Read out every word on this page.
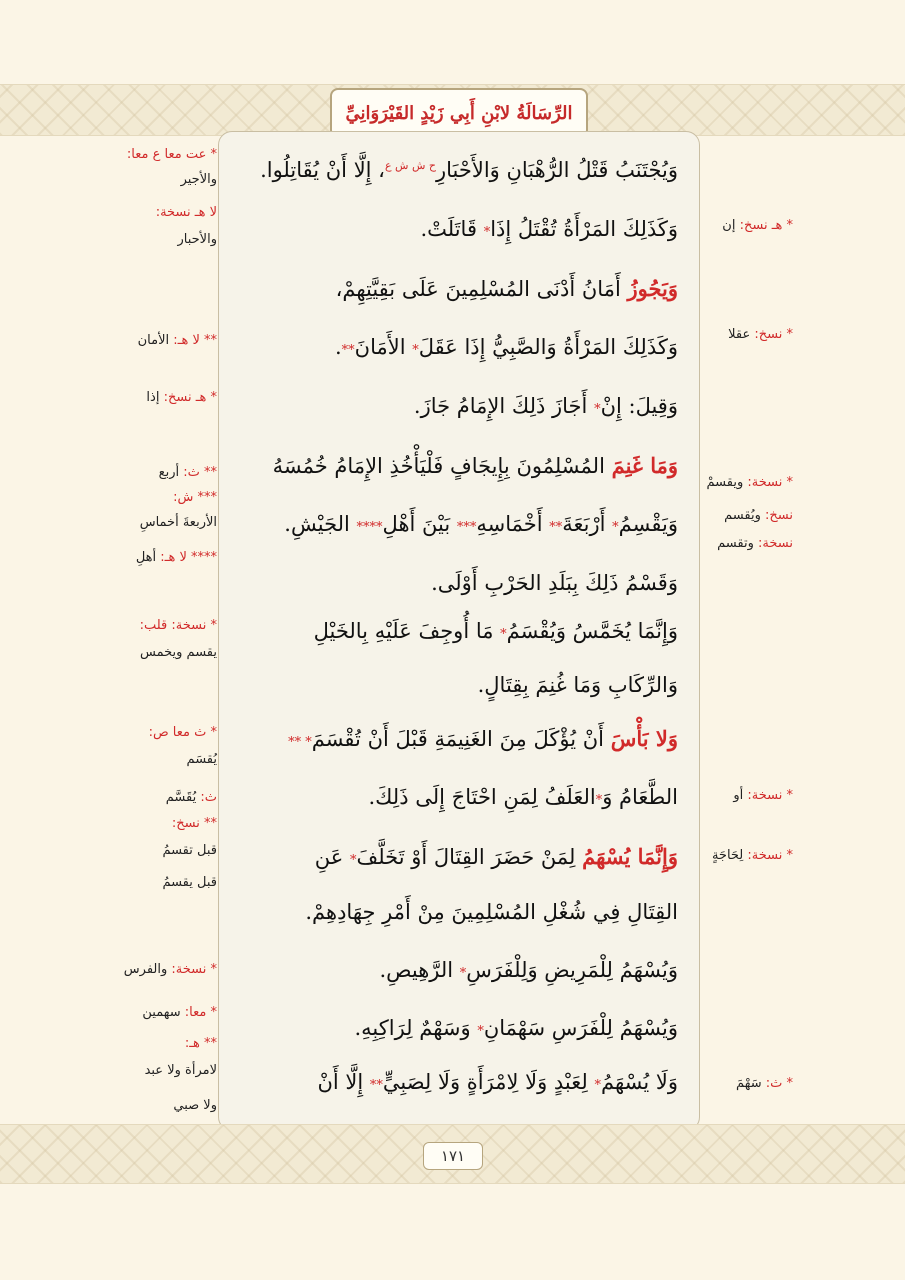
الرِّسَالَةُ لابْنِ أَبِي زَيْدٍ القَيْرَوَانِيِّ
وَيُجْتَنَبُ قَتْلُ الرُّهْبَانِ وَالأَحْبَارِ$^{ح ش ش ع}$، إِلَّا أَنْ يُقَاتِلُوا.
وَكَذَلِكَ المَرْأَةُ تُقْتَلُ إِذَا* قَاتَلَتْ.
وَيَجُوزُ أَمَانُ أَدْنَى المُسْلِمِينَ عَلَى بَقِيَّتِهِمْ،
وَكَذَلِكَ المَرْأَةُ وَالصَّبِيُّ إِذَا عَقَلَ* الأَمَانَ**.
وَقِيلَ: إِنْ* أَجَازَ ذَلِكَ الإِمَامُ جَازَ.
وَمَا غَنِمَ المُسْلِمُونَ بِإِيجَافٍ فَلْيَأْخُذِ الإِمَامُ خُمُسَهُ
وَيَقْسِمُ* أَرْبَعَةَ** أَخْمَاسِهِ*** بَيْنَ أَهْلِ**** الجَيْشِ.
وَقَسْمُ ذَلِكَ بِبَلَدِ الحَرْبِ أَوْلَى.
وَإِنَّمَا يُخَمَّسُ وَيُقْسَمُ* مَا أُوجِفَ عَلَيْهِ بِالخَيْلِ
وَالرِّكَابِ وَمَا غُنِمَ بِقِتَالٍ.
وَلا بَأْسَ أَنْ يُؤْكَلَ مِنَ الغَنِيمَةِ قَبْلَ أَنْ تُقْسَمَ* **
الطَّعَامُ وَ*العَلَفُ لِمَنِ احْتَاجَ إِلَى ذَلِكَ.
وَإِنَّمَا يُسْهَمُ لِمَنْ حَضَرَ القِتَالَ أَوْ تَخَلَّفَ* عَنِ
القِتَالِ فِي شُغْلِ المُسْلِمِينَ مِنْ أَمْرِ جِهَادِهِمْ.
وَيُسْهَمُ لِلْمَرِيضِ وَلِلْفَرَسِ* الرَّهِيصِ.
وَيُسْهَمُ لِلْفَرَسِ سَهْمَانِ* وَسَهْمٌ لِرَاكِبِهِ.
وَلَا يُسْهَمُ* لِعَبْدٍ وَلَا لِامْرَأَةٍ وَلَا لِصَبِيٍّ** إِلَّا أَنْ
* عت معا ع معا:
والأجير
لا هـ نسخة:
والأحبار
** لا هـ: الأمان
* هـ نسخ: إذا
** ث: أربع
*** ش:
الأربعةَ أخماسِ
**** لا هـ: أهلِ
* نسخة: قلب:
يقسم ويخمس
* ث معا ص:
يُقسَم
ث: يُقَسَّم
** نسخ:
قبل تقسمُ
قبل يقسمُ
* نسخة: والفرس
* معا: سهمين
** هـ:
لامرأة ولا عبد
ولا صبي
* هـ نسخ: إن
* نسخ: عقلا
* نسخة: ويقسمْ
نسخ: ويُقسم
نسخة: وتقسم
* نسخة: أو
* نسخة: لِحَاجَةٍ
* ث: سَهْمَ
١٧١
